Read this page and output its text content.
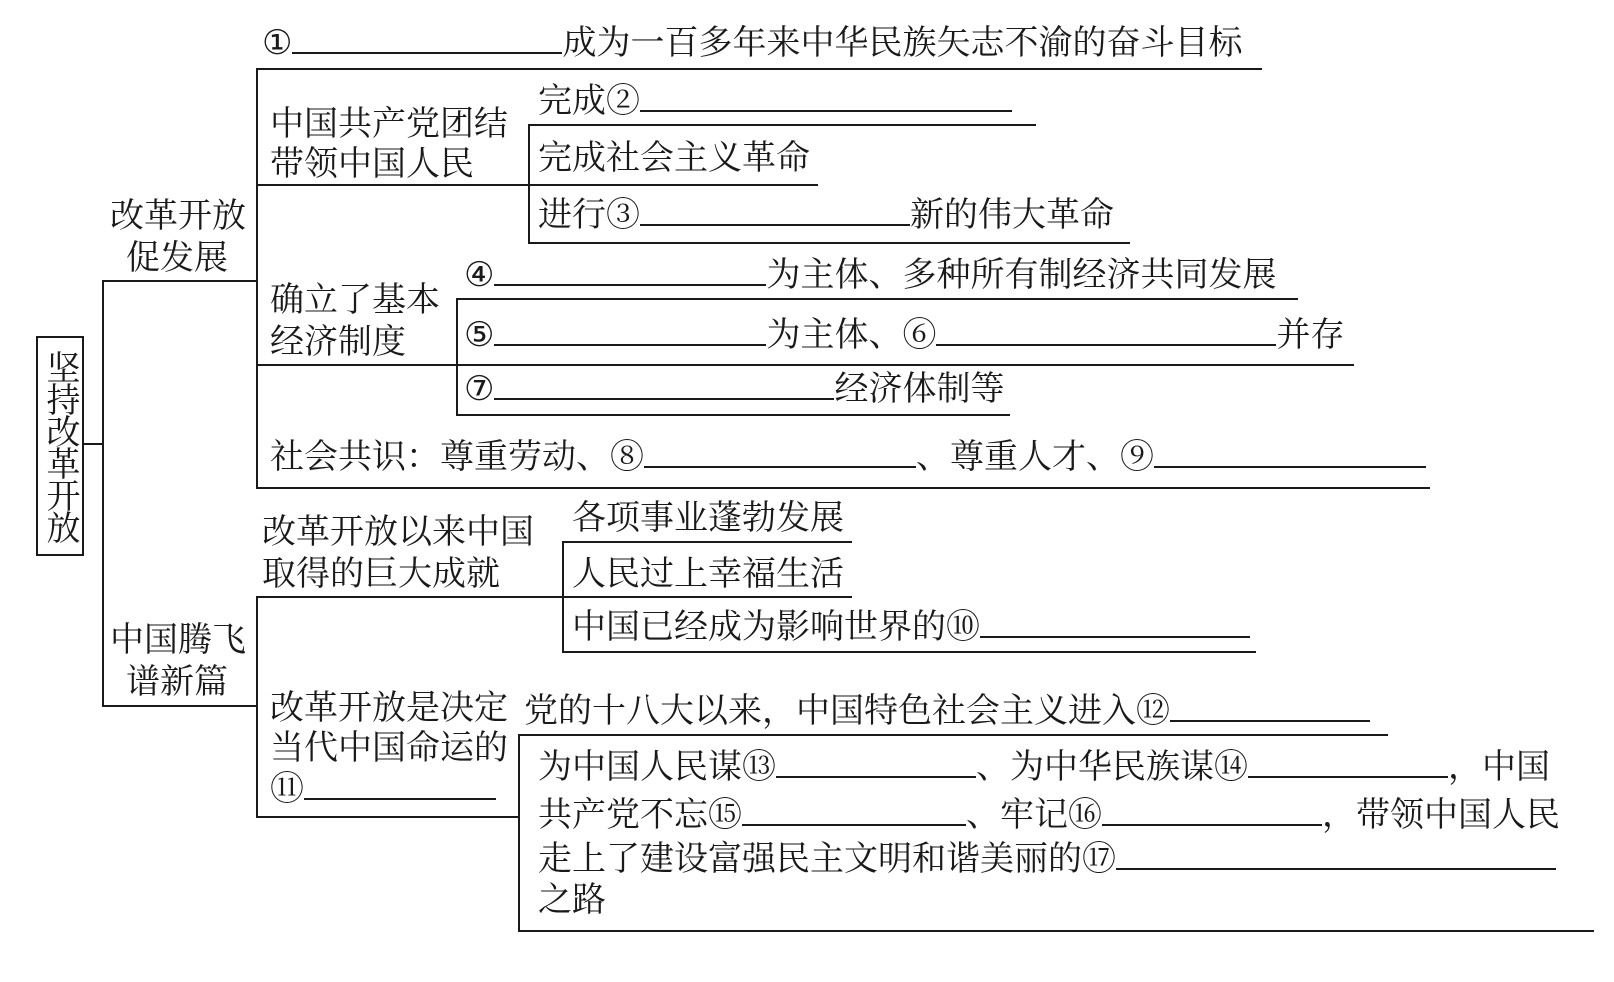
坚持改革开放
改革开放
促发展
①	成为一百多年来中华民族矢志不渝的奋斗目标
中国共产党团结
带领中国人民
完成②
完成社会主义革命
进行③	新的伟大革命
确立了基本
经济制度
④	为主体、多种所有制经济共同发展
⑤	为主体、⑥	并存
⑦	经济体制等
社会共识：尊重劳动、⑧	、尊重人才、⑨
中国腾飞
谱新篇
改革开放以来中国
取得的巨大成就
各项事业蓬勃发展
人民过上幸福生活
中国已经成为影响世界的⑩
改革开放是决定
当代中国命运的
⑪
党的十八大以来，中国特色社会主义进入⑫
为中国人民谋⑬	、为中华民族谋⑭	，中国
共产党不忘⑮	、牢记⑯	，带领中国人民
走上了建设富强民主文明和谐美丽的⑰
之路
